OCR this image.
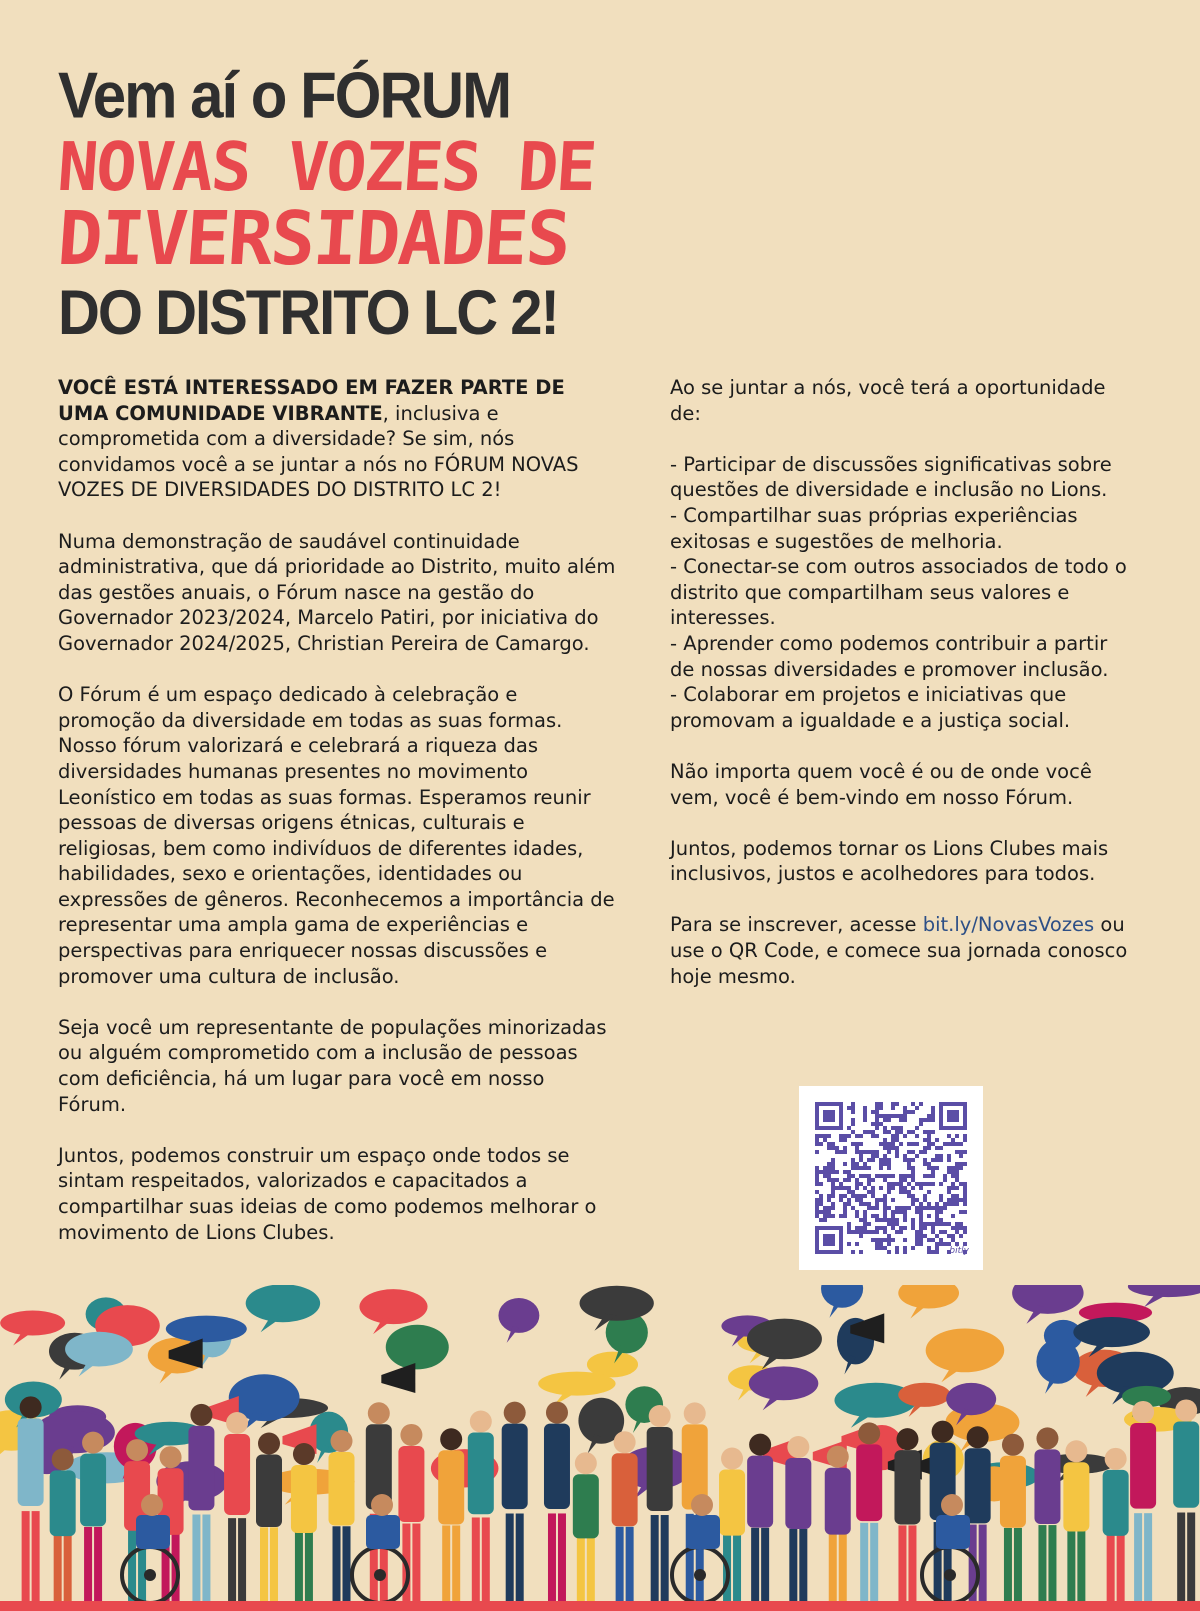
Vem aí o FÓRUM
NOVAS VOZES DE
DIVERSIDADES
DO DISTRITO LC 2!

VOCÊ ESTÁ INTERESSADO EM FAZER PARTE DE UMA COMUNIDADE VIBRANTE, inclusiva e comprometida com a diversidade? Se sim, nós convidamos você a se juntar a nós no FÓRUM NOVAS VOZES DE DIVERSIDADES DO DISTRITO LC 2!

Numa demonstração de saudável continuidade administrativa, que dá prioridade ao Distrito, muito além das gestões anuais, o Fórum nasce na gestão do Governador 2023/2024, Marcelo Patiri, por iniciativa do Governador 2024/2025, Christian Pereira de Camargo.

O Fórum é um espaço dedicado à celebração e promoção da diversidade em todas as suas formas. Nosso fórum valorizará e celebrará a riqueza das diversidades humanas presentes no movimento Leonístico em todas as suas formas. Esperamos reunir pessoas de diversas origens étnicas, culturais e religiosas, bem como indivíduos de diferentes idades, habilidades, sexo e orientações, identidades ou expressões de gêneros. Reconhecemos a importância de representar uma ampla gama de experiências e perspectivas para enriquecer nossas discussões e promover uma cultura de inclusão.

Seja você um representante de populações minorizadas ou alguém comprometido com a inclusão de pessoas com deficiência, há um lugar para você em nosso Fórum.

Juntos, podemos construir um espaço onde todos se sintam respeitados, valorizados e capacitados a compartilhar suas ideias de como podemos melhorar o movimento de Lions Clubes.

Ao se juntar a nós, você terá a oportunidade de:

- Participar de discussões significativas sobre questões de diversidade e inclusão no Lions.
- Compartilhar suas próprias experiências exitosas e sugestões de melhoria.
- Conectar-se com outros associados de todo o distrito que compartilham seus valores e interesses.
- Aprender como podemos contribuir a partir de nossas diversidades e promover inclusão.
- Colaborar em projetos e iniciativas que promovam a igualdade e a justiça social.

Não importa quem você é ou de onde você vem, você é bem-vindo em nosso Fórum.

Juntos, podemos tornar os Lions Clubes mais inclusivos, justos e acolhedores para todos.

Para se inscrever, acesse bit.ly/NovasVozes ou use o QR Code, e comece sua jornada conosco hoje mesmo.

bitly
